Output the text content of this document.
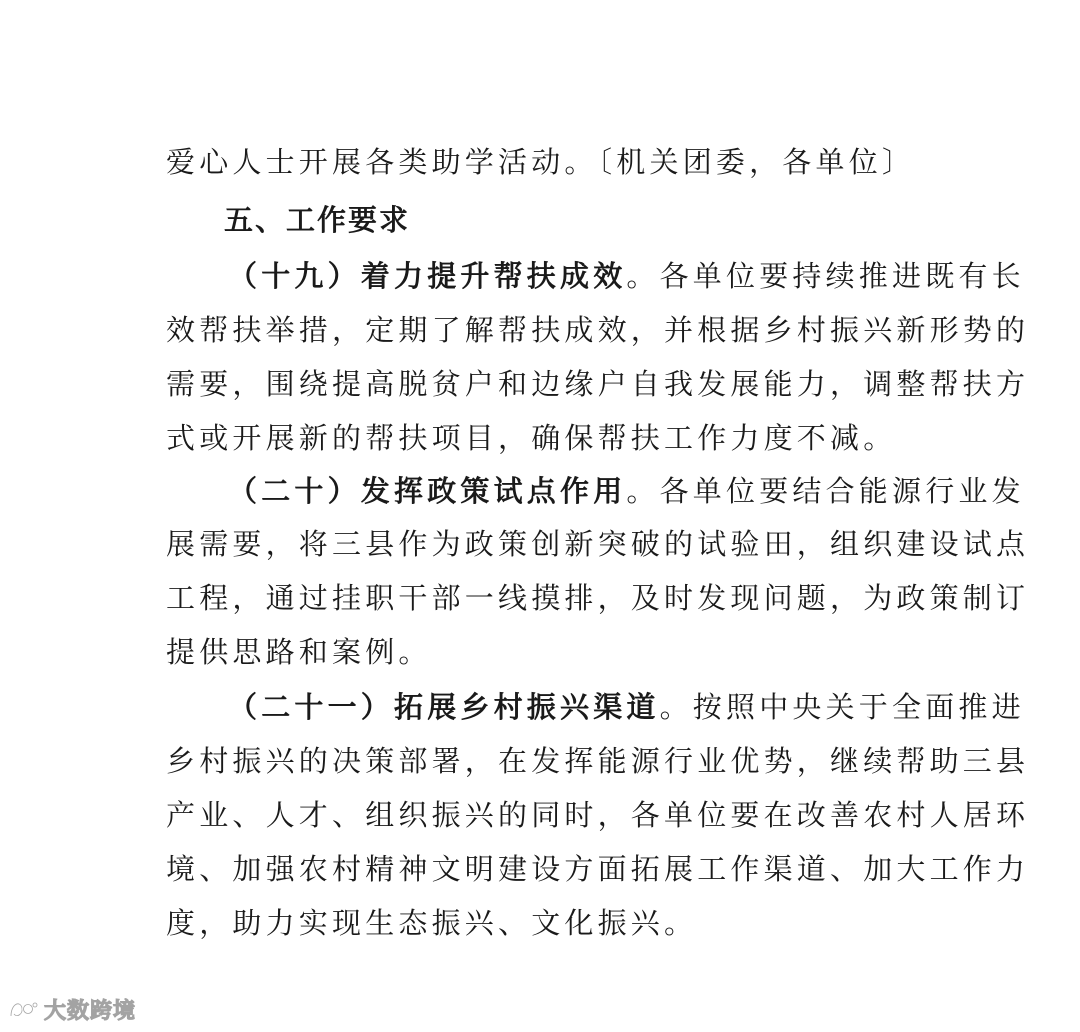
爱心人士开展各类助学活动。〔机关团委，各单位〕
五、工作要求
（十九）着力提升帮扶成效。各单位要持续推进既有长
效帮扶举措，定期了解帮扶成效，并根据乡村振兴新形势的
需要，围绕提高脱贫户和边缘户自我发展能力，调整帮扶方
式或开展新的帮扶项目，确保帮扶工作力度不减。
（二十）发挥政策试点作用。各单位要结合能源行业发
展需要，将三县作为政策创新突破的试验田，组织建设试点
工程，通过挂职干部一线摸排，及时发现问题，为政策制订
提供思路和案例。
（二十一）拓展乡村振兴渠道。按照中央关于全面推进
乡村振兴的决策部署，在发挥能源行业优势，继续帮助三县
产业、人才、组织振兴的同时，各单位要在改善农村人居环
境、加强农村精神文明建设方面拓展工作渠道、加大工作力
度，助力实现生态振兴、文化振兴。
大数跨境
